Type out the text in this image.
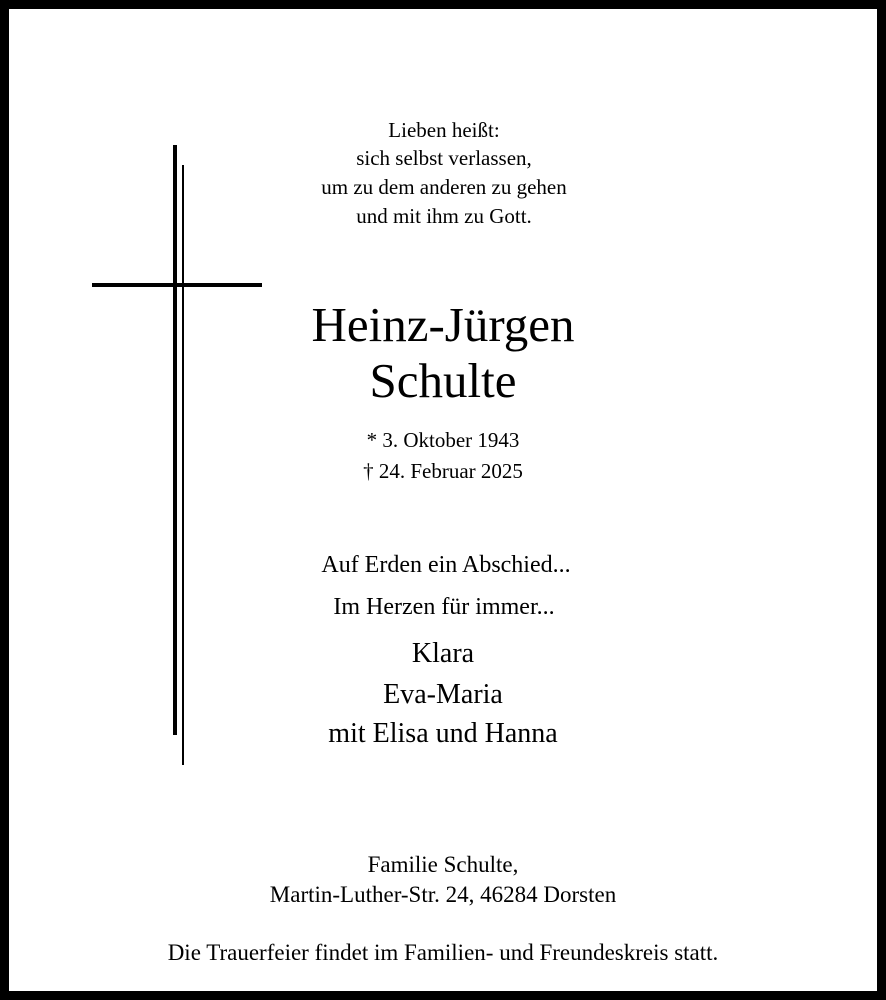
Lieben heißt:
sich selbst verlassen,
um zu dem anderen zu gehen
und mit ihm zu Gott.
Heinz-Jürgen
Schulte
* 3. Oktober 1943
† 24. Februar 2025
Auf Erden ein Abschied...
Im Herzen für immer...
Klara
Eva-Maria
mit Elisa und Hanna
Familie Schulte,
Martin-Luther-Str. 24, 46284 Dorsten
Die Trauerfeier findet im Familien- und Freundeskreis statt.
